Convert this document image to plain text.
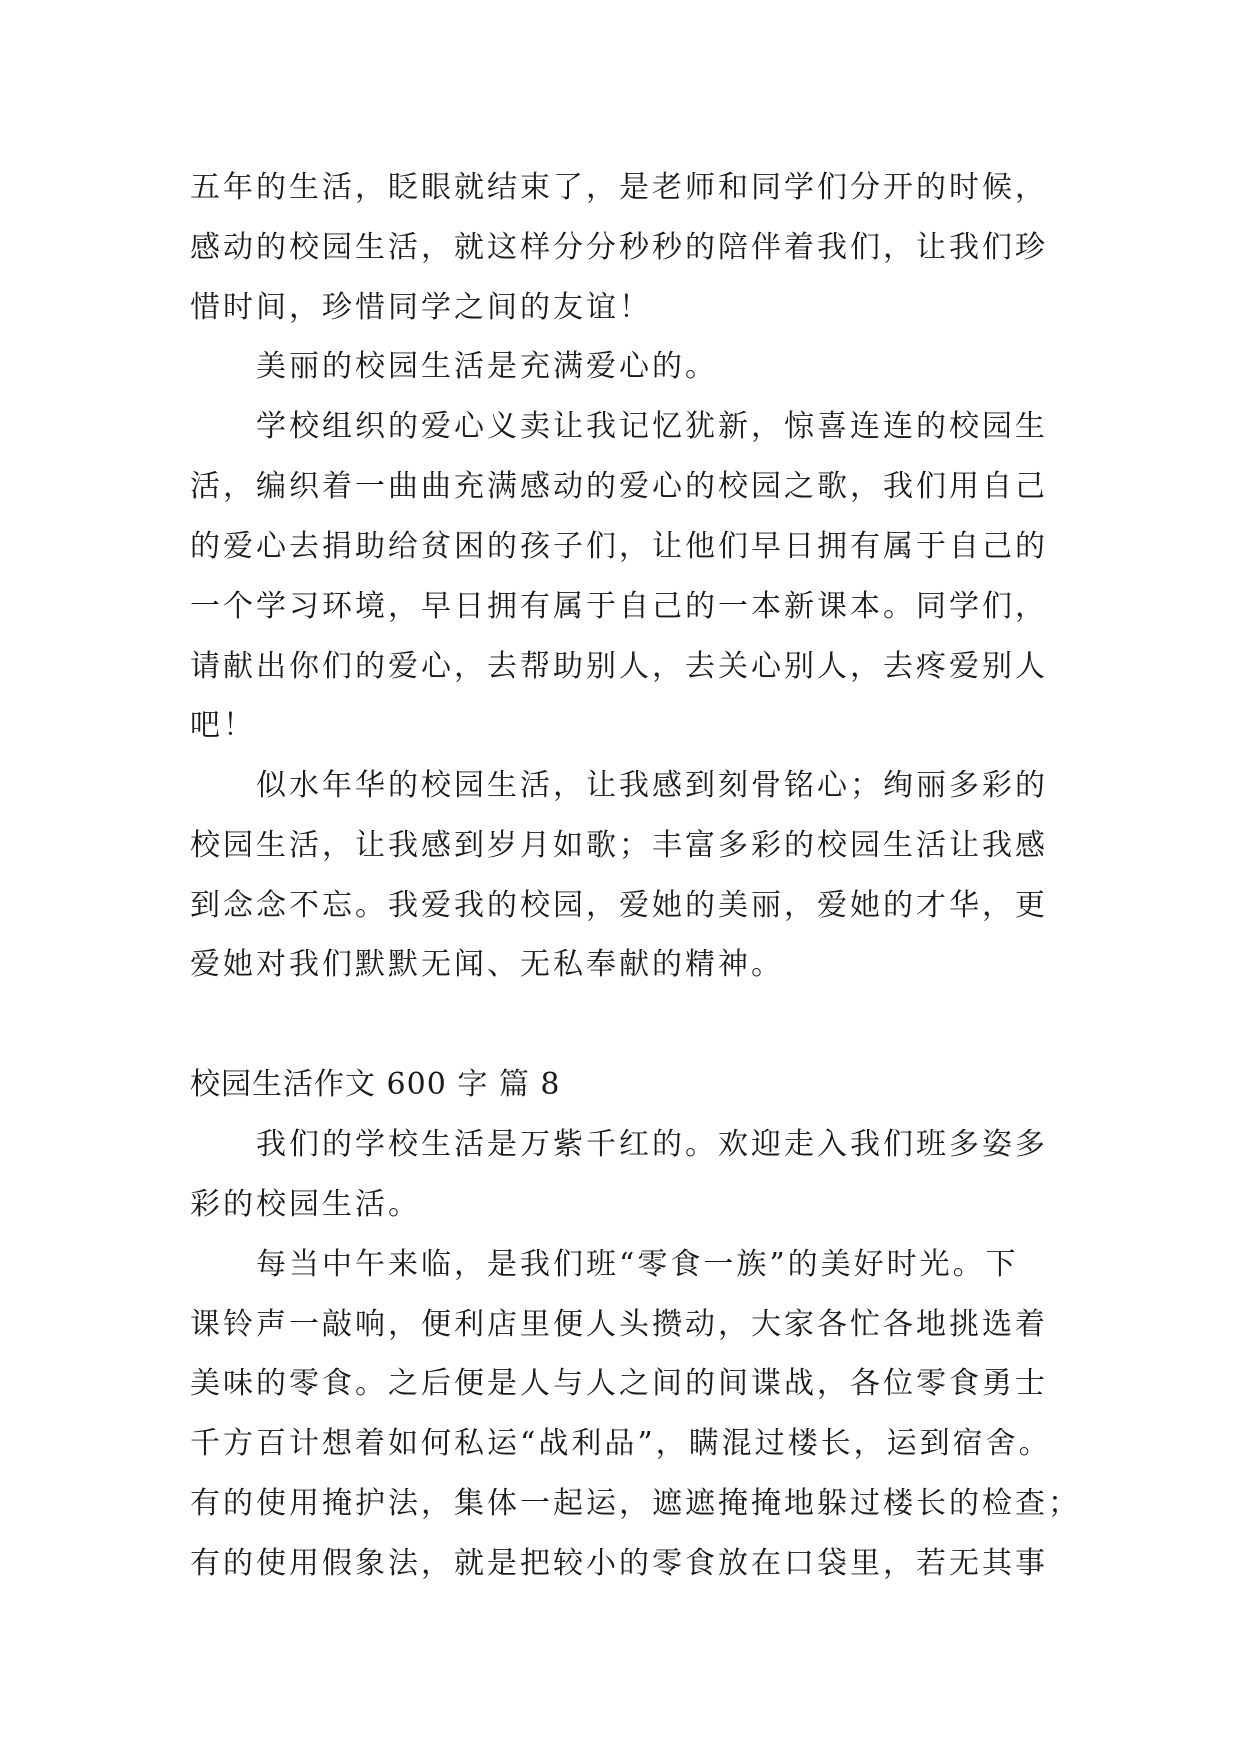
五年的生活，眨眼就结束了，是老师和同学们分开的时候，
感动的校园生活，就这样分分秒秒的陪伴着我们，让我们珍
惜时间，珍惜同学之间的友谊！
美丽的校园生活是充满爱心的。
学校组织的爱心义卖让我记忆犹新，惊喜连连的校园生
活，编织着一曲曲充满感动的爱心的校园之歌，我们用自己
的爱心去捐助给贫困的孩子们，让他们早日拥有属于自己的
一个学习环境，早日拥有属于自己的一本新课本。同学们，
请献出你们的爱心，去帮助别人，去关心别人，去疼爱别人
吧！
似水年华的校园生活，让我感到刻骨铭心；绚丽多彩的
校园生活，让我感到岁月如歌；丰富多彩的校园生活让我感
到念念不忘。我爱我的校园，爱她的美丽，爱她的才华，更
爱她对我们默默无闻、无私奉献的精神。
校园生活作文 600 字 篇 8
我们的学校生活是万紫千红的。欢迎走入我们班多姿多
彩的校园生活。
每当中午来临，是我们班“零食一族”的美好时光。下
课铃声一敲响，便利店里便人头攒动，大家各忙各地挑选着
美味的零食。之后便是人与人之间的间谍战，各位零食勇士
千方百计想着如何私运“战利品”，瞒混过楼长，运到宿舍。
有的使用掩护法，集体一起运，遮遮掩掩地躲过楼长的检查；
有的使用假象法，就是把较小的零食放在口袋里，若无其事
